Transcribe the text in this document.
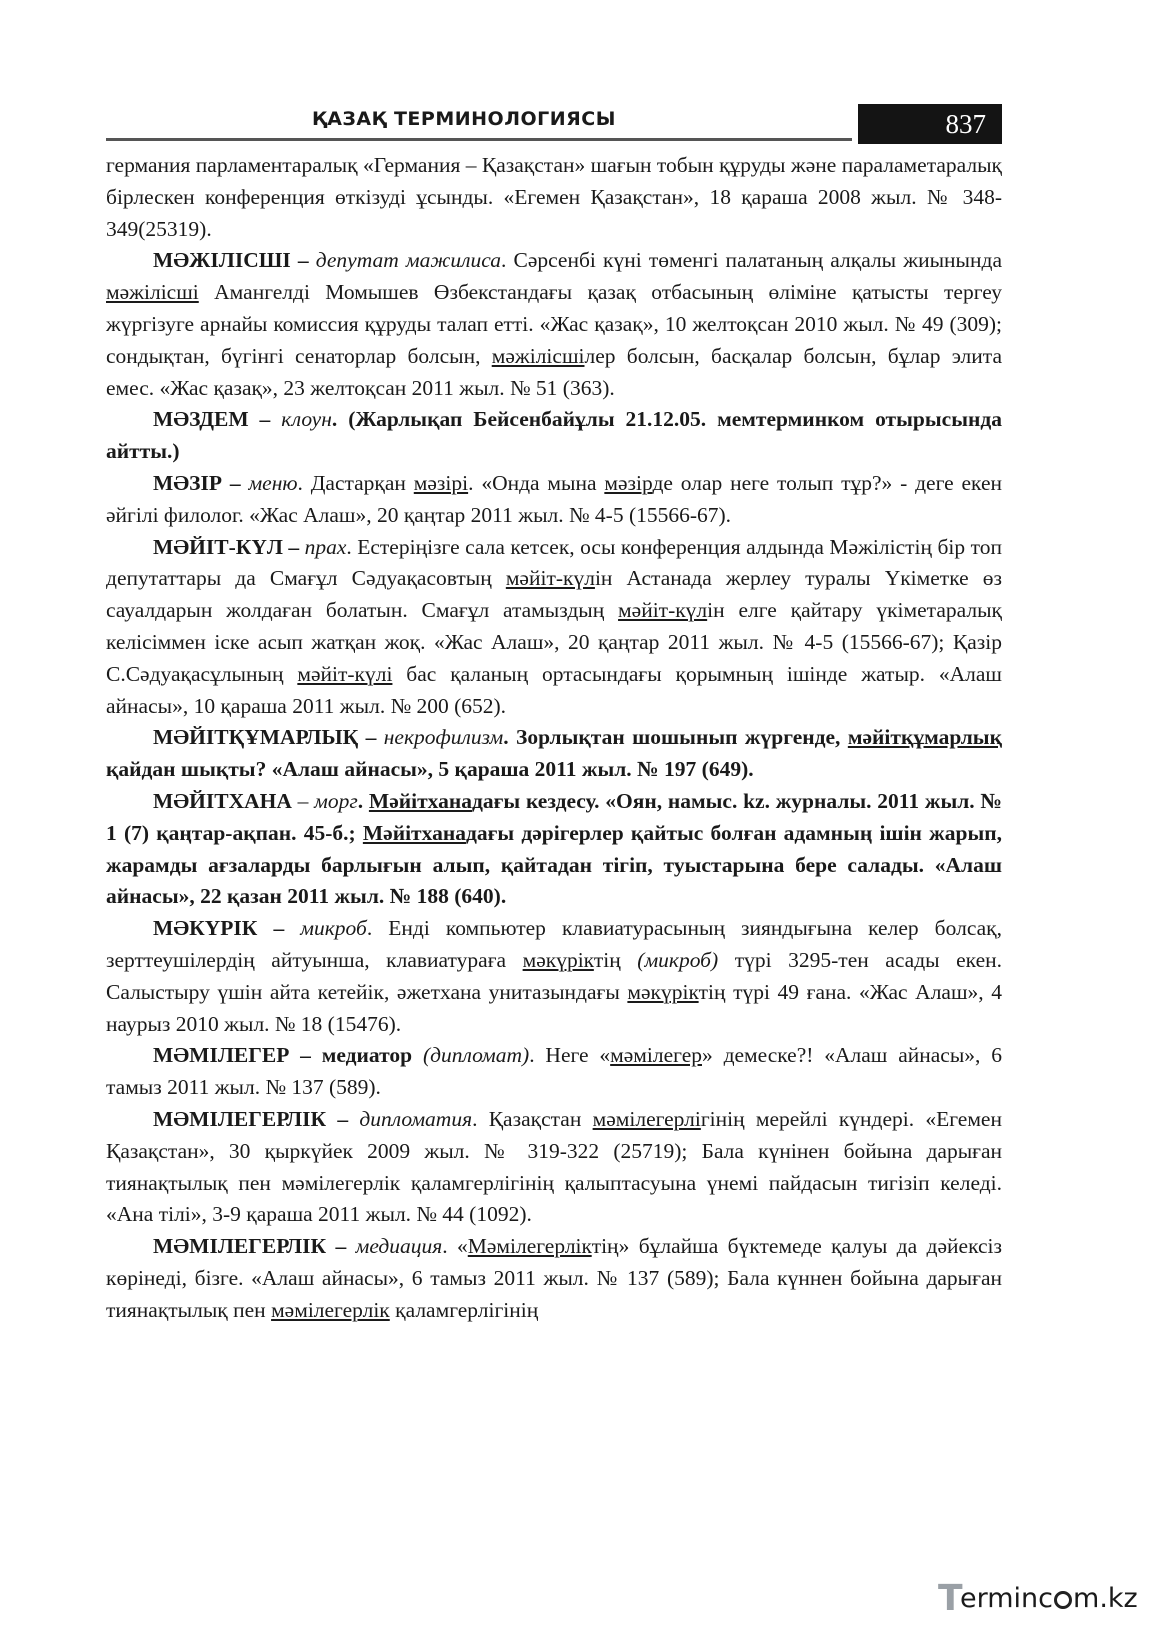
ҚАЗАҚ ТЕРМИНОЛОГИЯСЫ	837

германия парламентаралық «Германия – Қазақстан» шағын тобын құруды және параламетаралық бірлескен конференция өткізуді ұсынды. «Егемен Қазақстан», 18 қараша 2008 жыл. № 348-349(25319).

МӘЖІЛІСШІ – депутат мажилиса. Сәрсенбі күні төменгі палатаның алқалы жиынында мәжілісші Амангелді Момышев Өзбекстандағы қазақ отбасының өліміне қатысты тергеу жүргізуге арнайы комиссия құруды талап етті. «Жас қазақ», 10 желтоқсан 2010 жыл. № 49 (309); сондықтан, бүгінгі сенаторлар болсын, мәжілісшілер болсын, басқалар болсын, бұлар элита емес. «Жас қазақ», 23 желтоқсан 2011 жыл. № 51 (363).

МӘЗДЕМ – клоун. (Жарлықап Бейсенбайұлы 21.12.05. мемтерминком отырысында айтты.)

МӘЗІР – меню. Дастарқан мәзірі. «Онда мына мәзірде олар неге толып тұр?» - деге екен әйгілі филолог. «Жас Алаш», 20 қаңтар 2011 жыл. № 4-5 (15566-67).

МӘЙІТ-КҮЛ – прах. Естеріңізге сала кетсек, осы конференция алдында Мәжілістің бір топ депутаттары да Смағұл Сәдуақасовтың мәйіт-күлін Астанада жерлеу туралы Үкіметке өз сауалдарын жолдаған болатын. Смағұл атамыздың мәйіт-күлін елге қайтару үкіметаралық келісіммен іске асып жатқан жоқ. «Жас Алаш», 20 қаңтар 2011 жыл. № 4-5 (15566-67); Қазір С.Сәдуақасұлының мәйіт-күлі бас қаланың ортасындағы қорымның ішінде жатыр. «Алаш айнасы», 10 қараша 2011 жыл. № 200 (652).

МӘЙІТҚҰМАРЛЫҚ – некрофилизм. Зорлықтан шошынып жүргенде, мәйітқұмарлық қайдан шықты? «Алаш айнасы», 5 қараша 2011 жыл. № 197 (649).

МӘЙІТХАНА – морг. Мәйітханадағы кездесу. «Оян, намыс. kz. журналы. 2011 жыл. № 1 (7) қаңтар-ақпан. 45-б.; Мәйітханадағы дәрігерлер қайтыс болған адамның ішін жарып, жарамды ағзаларды барлығын алып, қайтадан тігіп, туыстарына бере салады. «Алаш айнасы», 22 қазан 2011 жыл. № 188 (640).

МӘКҮРІК – микроб. Енді компьютер клавиатурасының зияндығына келер болсақ, зерттеушілердің айтуынша, клавиатураға мәкүріктің (микроб) түрі 3295-тен асады екен. Салыстыру үшін айта кетейік, әжетхана унитазындағы мәкүріктің түрі 49 ғана. «Жас Алаш», 4 наурыз 2010 жыл. № 18 (15476).

МӘМІЛЕГЕР – медиатор (дипломат). Неге «мәмілегер» демеске?! «Алаш айнасы», 6 тамыз 2011 жыл. № 137 (589).

МӘМІЛЕГЕРЛІК – дипломатия. Қазақстан мәмілегерлігінің мерейлі күндері. «Егемен Қазақстан», 30 қыркүйек 2009 жыл. № 319-322 (25719); Бала күнінен бойына дарыған тиянақтылық пен мәмілегерлік қаламгерлігінің қалыптасуына үнемі пайдасын тигізіп келеді. «Ана тілі», 3-9 қараша 2011 жыл. № 44 (1092).

МӘМІЛЕГЕРЛІК – медиация. «Мәмілегерліктің» бұлайша бүктемеде қалуы да дәйексіз көрінеді, бізге. «Алаш айнасы», 6 тамыз 2011 жыл. № 137 (589); Бала күннен бойына дарыған тиянақтылық пен мәмілегерлік қаламгерлігінің

T
erminc m.kz
